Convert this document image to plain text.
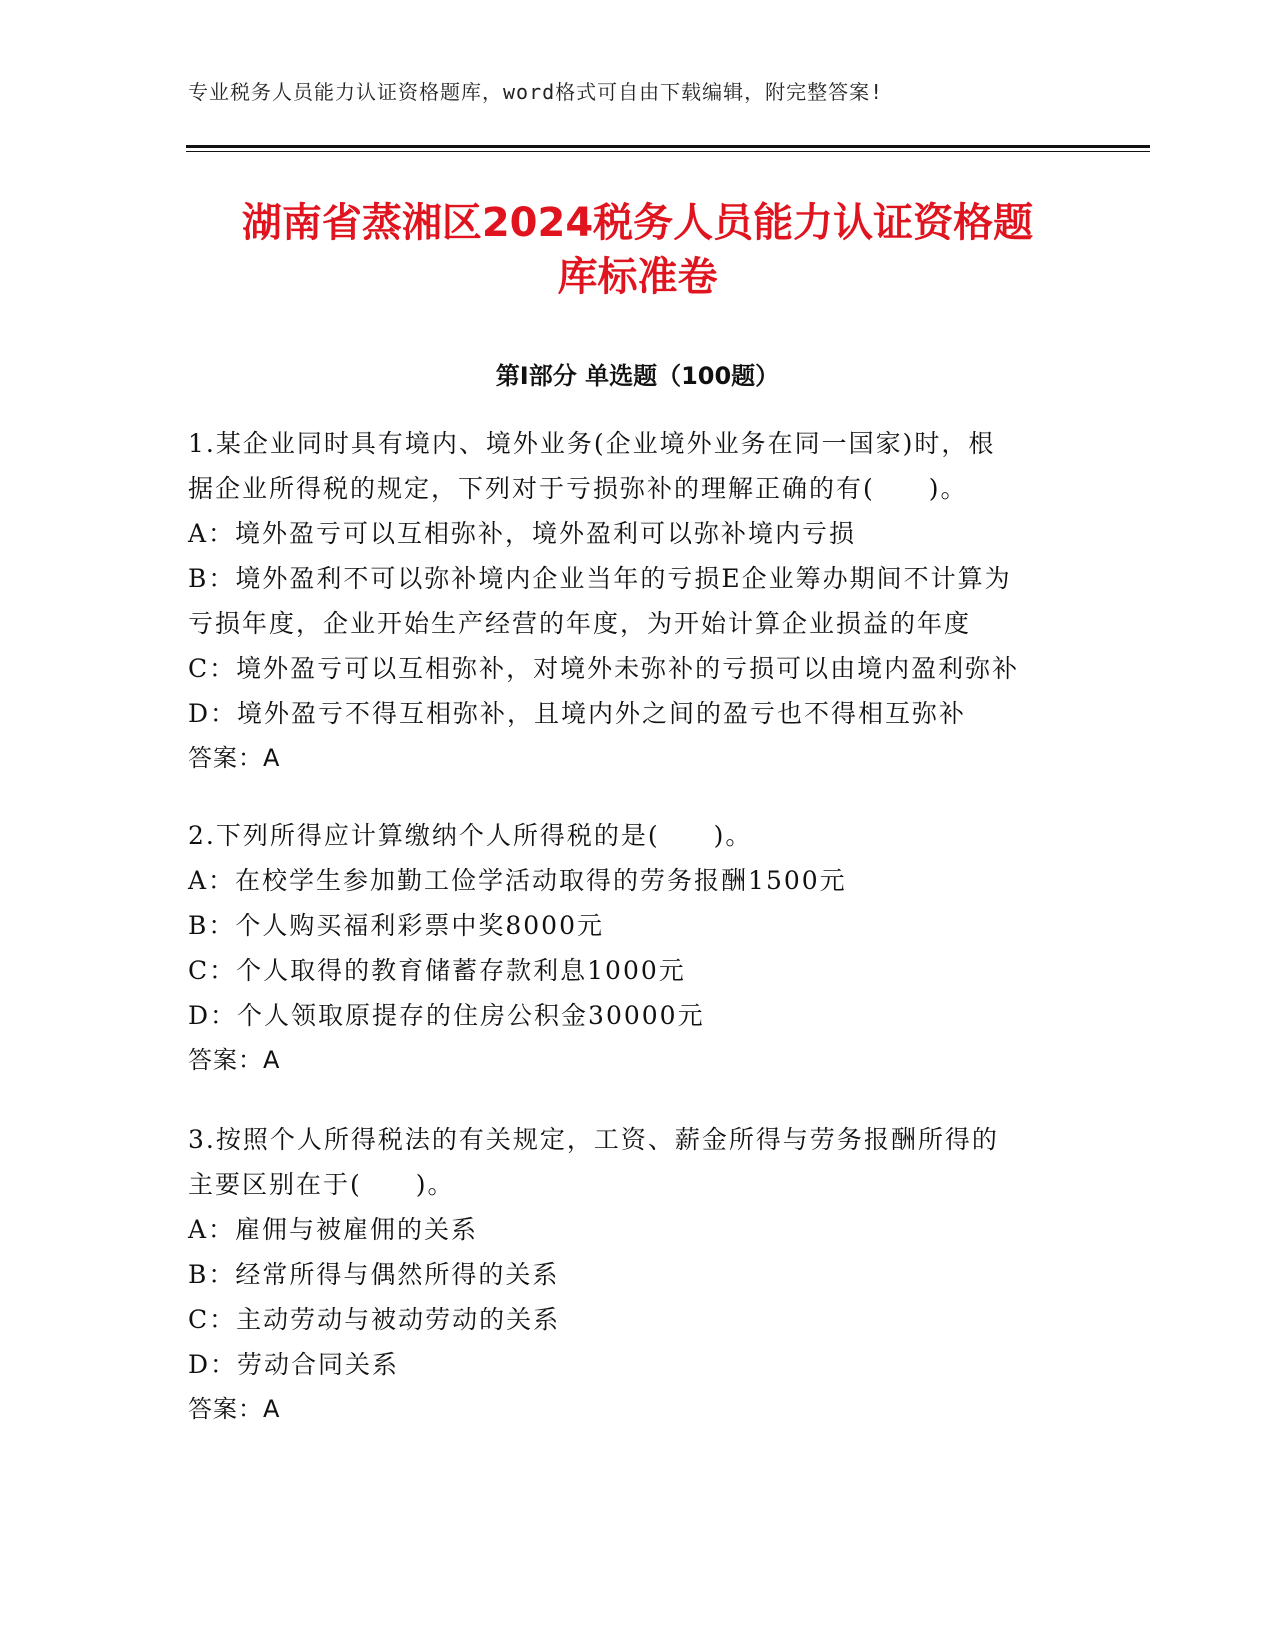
专业税务人员能力认证资格题库，word格式可自由下载编辑，附完整答案!
湖南省蒸湘区2024税务人员能力认证资格题
库标准卷
第Ⅰ部分 单选题（100题）
1.某企业同时具有境内、境外业务(企业境外业务在同一国家)时，根
据企业所得税的规定，下列对于亏损弥补的理解正确的有(　　)。
A：境外盈亏可以互相弥补，境外盈利可以弥补境内亏损
B：境外盈利不可以弥补境内企业当年的亏损E企业筹办期间不计算为
亏损年度，企业开始生产经营的年度，为开始计算企业损益的年度
C：境外盈亏可以互相弥补，对境外未弥补的亏损可以由境内盈利弥补
D：境外盈亏不得互相弥补，且境内外之间的盈亏也不得相互弥补
答案：A
2.下列所得应计算缴纳个人所得税的是(　　)。
A：在校学生参加勤工俭学活动取得的劳务报酬1500元
B：个人购买福利彩票中奖8000元
C：个人取得的教育储蓄存款利息1000元
D：个人领取原提存的住房公积金30000元
答案：A
3.按照个人所得税法的有关规定，工资、薪金所得与劳务报酬所得的
主要区别在于(　　)。
A：雇佣与被雇佣的关系
B：经常所得与偶然所得的关系
C：主动劳动与被动劳动的关系
D：劳动合同关系
答案：A
